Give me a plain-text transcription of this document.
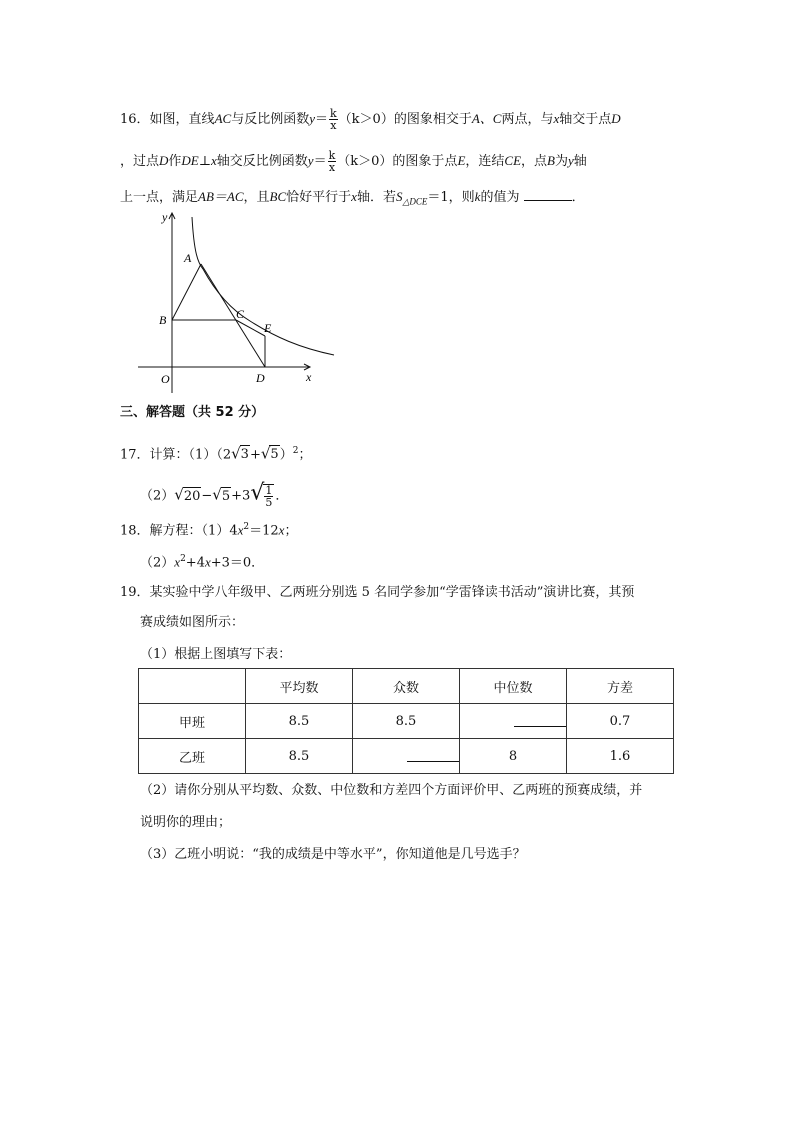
16．如图，直线AC与反比例函数$y= \frac{k}{x} (k>0)$的图象相交于A、C两点，与x轴交于点D
，过点D作DE⊥x轴交反比例函数$y= \frac{k}{x} (k>0)$的图象于点E，连结CE，点B为y轴
上一点，满足AB＝AC，且BC恰好平行于x轴．若$S_{\triangle DCE}=1$，则k的值为	．
y
x
O
A
B	C
E
D
三、解答题（共 52 分）
17．计算：$(1)(2√3+√5)^2$；
$(2)√20-√5+3√ \frac{1}{5}$ ．
18．解方程：$(1)4x^2=12x$；
$(2)x^2+4x+3=0$．
19．某实验中学八年级甲、乙两班分别选 5 名同学参加“学雷锋读书活动”演讲比赛，其预
赛成绩如图所示：
（1）根据上图填写下表：
	平均数	众数	中位数	方差
甲班	8.5	8.5		0.7
乙班	8.5		8	1.6
（2）请你分别从平均数、众数、中位数和方差四个方面评价甲、乙两班的预赛成绩，并
说明你的理由；
（3）乙班小明说：“我的成绩是中等水平”，你知道他是几号选手？
